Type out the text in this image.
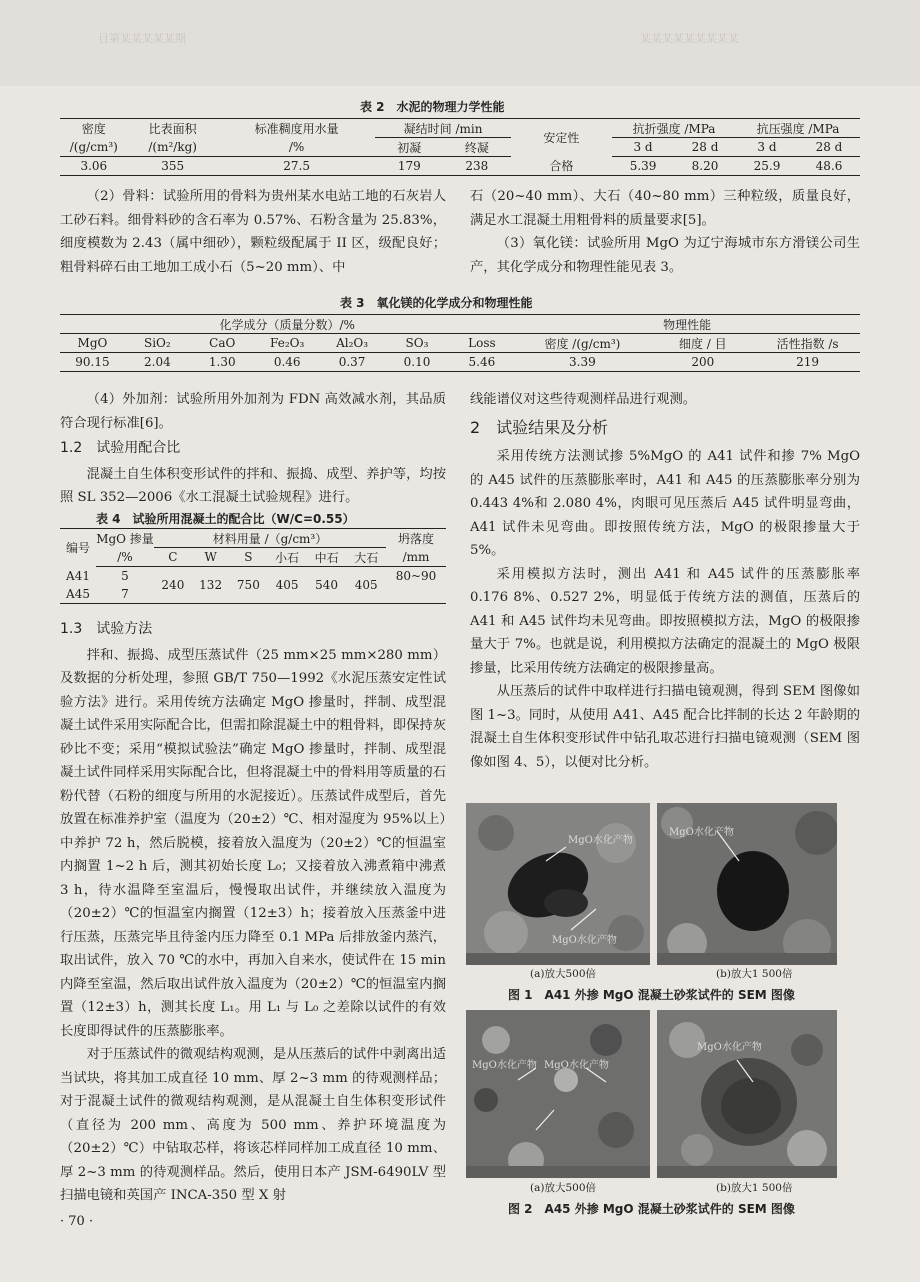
目第某某某某某期	某某某某某某某某某
表 2　水泥的物理力学性能
密度	比表面积	标准稠度用水量	凝结时间 /min		安定性	抗折强度 /MPa		抗压强度 /MPa	
/(g/cm³)	/(m²/kg)	/%	初凝	终凝		3 d	28 d	3 d	28 d
3.06	355	27.5	179	238	合格	5.39	8.20	25.9	48.6

（2）骨料：试验所用的骨料为贵州某水电站工地的石灰岩人工砂石料。细骨料砂的含石率为 0.57%、石粉含量为 25.83%，细度模数为 2.43（属中细砂），颗粒级配属于 II 区，级配良好；粗骨料碎石由工地加工成小石（5~20 mm）、中

石（20~40 mm）、大石（40~80 mm）三种粒级，质量良好，满足水工混凝土用粗骨料的质量要求[5]。

（3）氧化镁：试验所用 MgO 为辽宁海城市东方滑镁公司生产，其化学成分和物理性能见表 3。

表 3　氧化镁的化学成分和物理性能
化学成分（质量分数）/%							物理性能		
MgO	SiO₂	CaO	Fe₂O₃	Al₂O₃	SO₃	Loss	密度 /(g/cm³)	细度 / 目	活性指数 /s
90.15	2.04	1.30	0.46	0.37	0.10	5.46	3.39	200	219

（4）外加剂：试验所用外加剂为 FDN 高效减水剂，其品质符合现行标准[6]。

1.2　试验用配合比

混凝土自生体积变形试件的拌和、振捣、成型、养护等，均按照 SL 352—2006《水工混凝土试验规程》进行。

表 4　试验所用混凝土的配合比（W/C=0.55）
编号	MgO 掺量	材料用量 /（g/cm³）						坍落度
	/%	C	W	S	小石	中石	大石	/mm
A41	5	240	132	750	405	540	405	80~90
A45	7							
1.3　试验方法

拌和、振捣、成型压蒸试件（25 mm×25 mm×280 mm）及数据的分析处理，参照 GB/T 750—1992《水泥压蒸安定性试验方法》进行。采用传统方法确定 MgO 掺量时，拌制、成型混凝土试件采用实际配合比，但需扣除混凝土中的粗骨料，即保持灰砂比不变；采用“模拟试验法”确定 MgO 掺量时，拌制、成型混凝土试件同样采用实际配合比，但将混凝土中的骨料用等质量的石粉代替（石粉的细度与所用的水泥接近）。压蒸试件成型后，首先放置在标准养护室（温度为（20±2）℃、相对湿度为 95%以上）中养护 72 h，然后脱模，接着放入温度为（20±2）℃的恒温室内搁置 1~2 h 后，测其初始长度 L₀；又接着放入沸煮箱中沸煮 3 h，待水温降至室温后，慢慢取出试件，并继续放入温度为（20±2）℃的恒温室内搁置（12±3）h；接着放入压蒸釜中进行压蒸，压蒸完毕且待釜内压力降至 0.1 MPa 后排放釜内蒸汽，取出试件，放入 70 ℃的水中，再加入自来水，使试件在 15 min 内降至室温，然后取出试件放入温度为（20±2）℃的恒温室内搁置（12±3）h，测其长度 L₁。用 L₁ 与 L₀ 之差除以试件的有效长度即得试件的压蒸膨胀率。

对于压蒸试件的微观结构观测，是从压蒸后的试件中剥离出适当试块，将其加工成直径 10 mm、厚 2~3 mm 的待观测样品；对于混凝土试件的微观结构观测，是从混凝土自生体积变形试件（直径为 200 mm、高度为 500 mm、养护环境温度为（20±2）℃）中钻取芯样，将该芯样同样加工成直径 10 mm、厚 2~3 mm 的待观测样品。然后，使用日本产 JSM-6490LV 型扫描电镜和英国产 INCA-350 型 X 射

线能谱仪对这些待观测样品进行观测。

2　试验结果及分析

采用传统方法测试掺 5%MgO 的 A41 试件和掺 7% MgO 的 A45 试件的压蒸膨胀率时，A41 和 A45 的压蒸膨胀率分别为 0.443 4%和 2.080 4%，肉眼可见压蒸后 A45 试件明显弯曲，A41 试件未见弯曲。即按照传统方法，MgO 的极限掺量大于 5%。

采用模拟方法时，测出 A41 和 A45 试件的压蒸膨胀率 0.176 8%、0.527 2%，明显低于传统方法的测值，压蒸后的 A41 和 A45 试件均未见弯曲。即按照模拟方法，MgO 的极限掺量大于 7%。也就是说，利用模拟方法确定的混凝土的 MgO 极限掺量，比采用传统方法确定的极限掺量高。

从压蒸后的试件中取样进行扫描电镜观测，得到 SEM 图像如图 1~3。同时，从使用 A41、A45 配合比拌制的长达 2 年龄期的混凝土自生体积变形试件中钻孔取芯进行扫描电镜观测（SEM 图像如图 4、5），以便对比分析。

MgO水化产物
MgO水化产物
MgO水化产物
(a)放大500倍	(b)放大1 500倍
图 1　A41 外掺 MgO 混凝土砂浆试件的 SEM 图像
MgO水化产物 MgO水化产物
MgO水化产物
(a)放大500倍	(b)放大1 500倍
图 2　A45 外掺 MgO 混凝土砂浆试件的 SEM 图像
· 70 ·
